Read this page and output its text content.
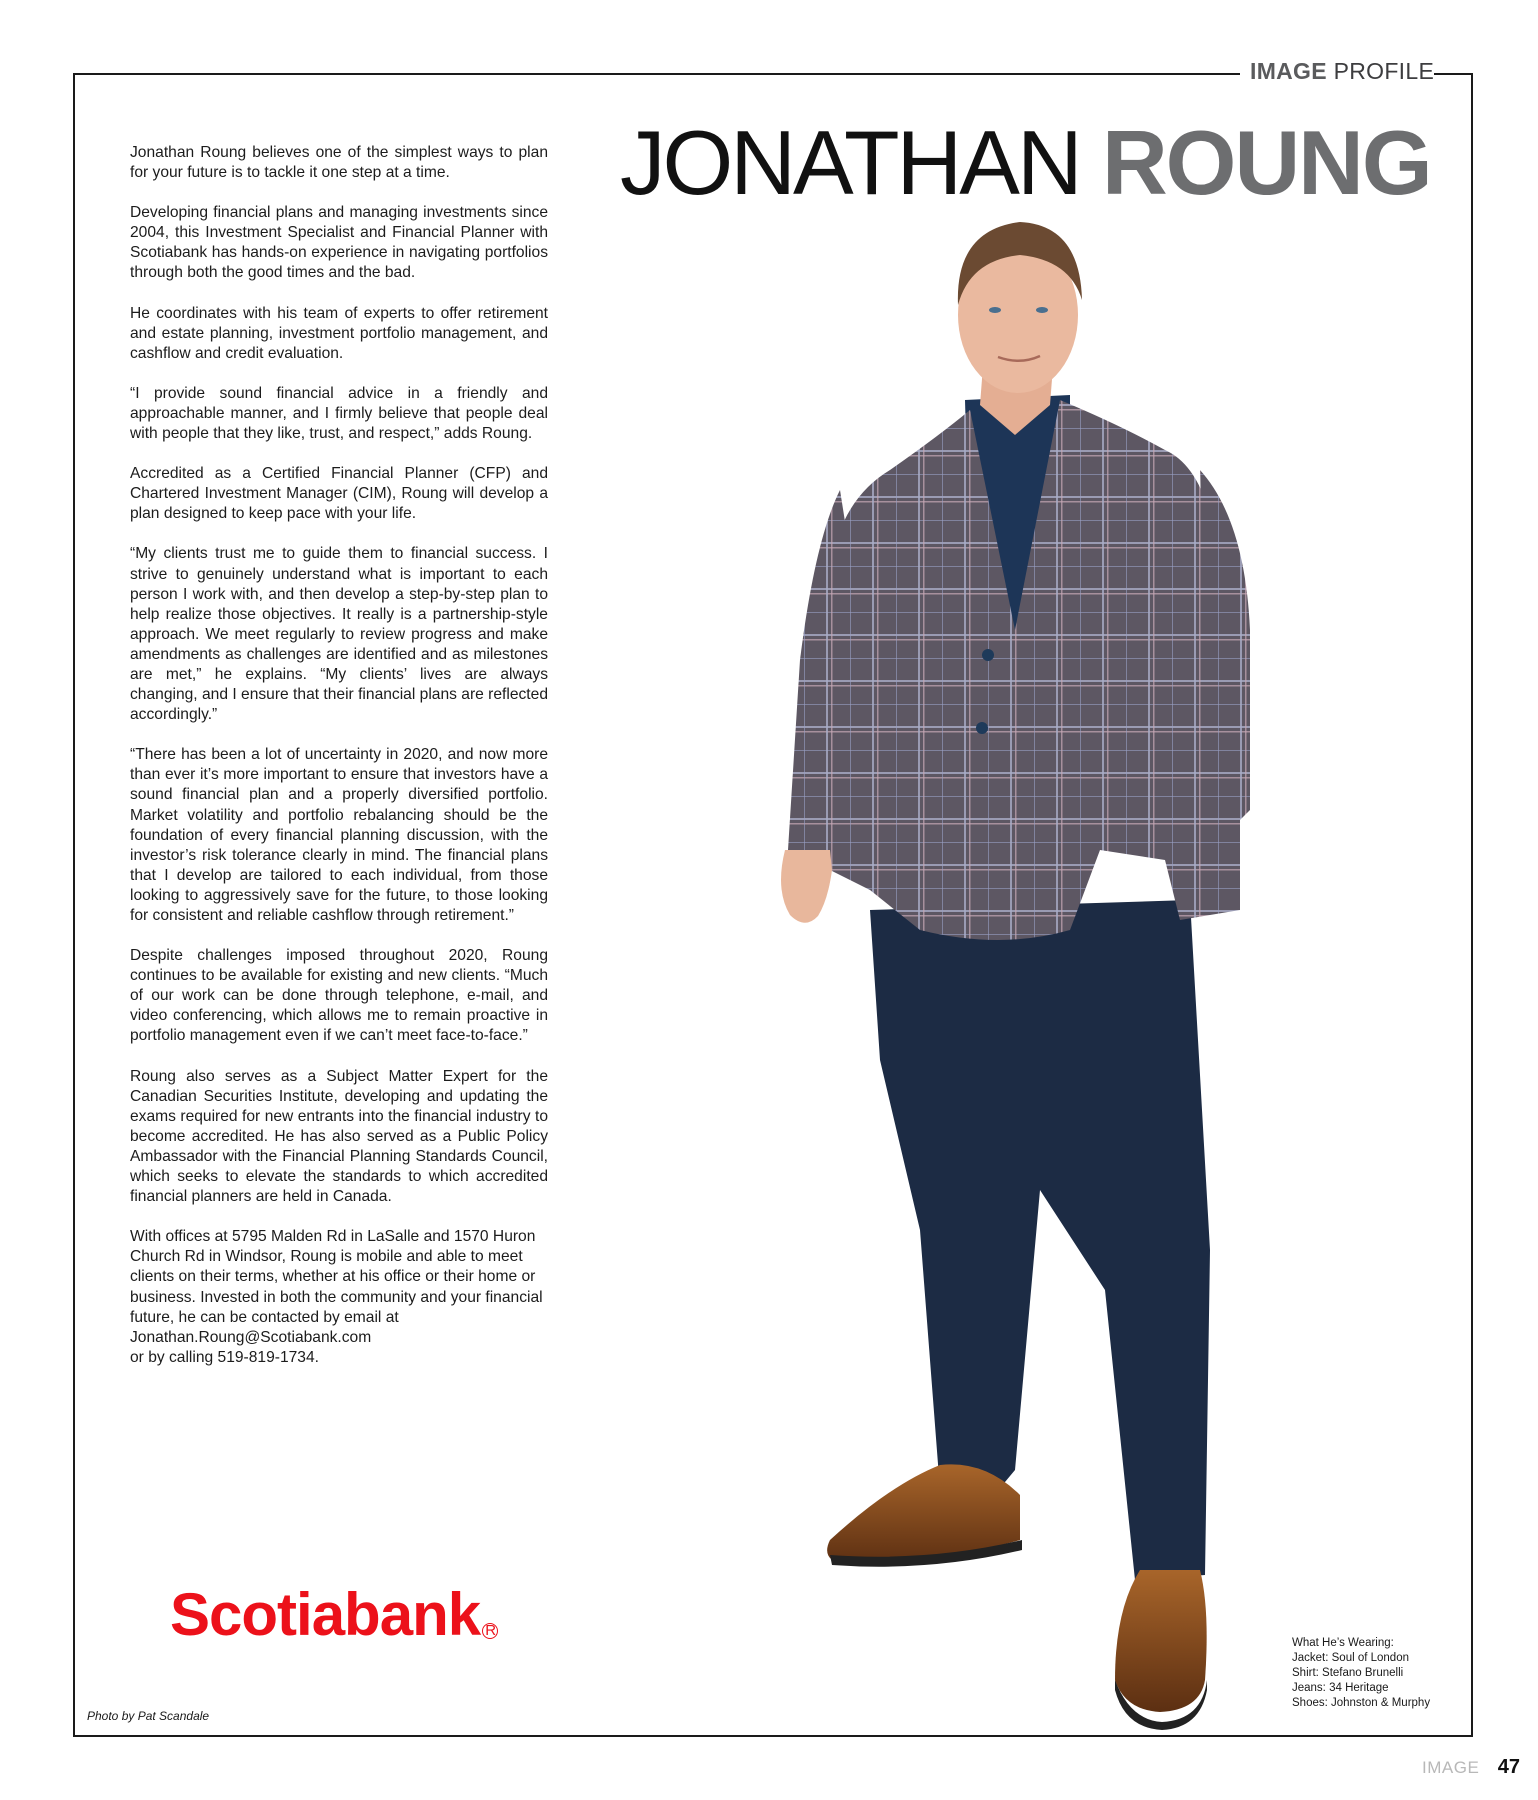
IMAGE PROFILE
JONATHAN ROUNG

Jonathan Roung believes one of the simplest ways to plan for your future is to tackle it one step at a time.

Developing financial plans and managing investments since 2004, this Investment Specialist and Financial Planner with Scotiabank has hands-on experience in navigating portfolios through both the good times and the bad.

He coordinates with his team of experts to offer retirement and estate planning, investment portfolio management, and cashflow and credit evaluation.

“I provide sound financial advice in a friendly and approachable manner, and I firmly believe that people deal with people that they like, trust, and respect,” adds Roung.

Accredited as a Certified Financial Planner (CFP) and Chartered Investment Manager (CIM), Roung will develop a plan designed to keep pace with your life.

“My clients trust me to guide them to financial success. I strive to genuinely understand what is important to each person I work with, and then develop a step-by-step plan to help realize those objectives. It really is a partnership-style approach. We meet regularly to review progress and make amendments as challenges are identified and as milestones are met,” he explains. “My clients’ lives are always changing, and I ensure that their financial plans are reflected accordingly.”

“There has been a lot of uncertainty in 2020, and now more than ever it’s more important to ensure that investors have a sound financial plan and a properly diversified portfolio. Market volatility and portfolio rebalancing should be the foundation of every financial planning discussion, with the investor’s risk tolerance clearly in mind. The financial plans that I develop are tailored to each individual, from those looking to aggressively save for the future, to those looking for consistent and reliable cashflow through retirement.”

Despite challenges imposed throughout 2020, Roung continues to be available for existing and new clients. “Much of our work can be done through telephone, e-mail, and video conferencing, which allows me to remain proactive in portfolio management even if we can’t meet face-to-face.”

Roung also serves as a Subject Matter Expert for the Canadian Securities Institute, developing and updating the exams required for new entrants into the financial industry to become accredited. He has also served as a Public Policy Ambassador with the Financial Planning Standards Council, which seeks to elevate the standards to which accredited financial planners are held in Canada.

With offices at 5795 Malden Rd in LaSalle and 1570 Huron Church Rd in Windsor, Roung is mobile and able to meet clients on their terms, whether at his office or their home or business. Invested in both the community and your financial future, he can be contacted by email at
Jonathan.Roung@Scotiabank.com
or by calling 519-819-1734.

Scotiabank R
Photo by Pat Scandale
What He’s Wearing:
Jacket: Soul of London
Shirt: Stefano Brunelli
Jeans: 34 Heritage
Shoes: Johnston & Murphy
IMAGE 47
